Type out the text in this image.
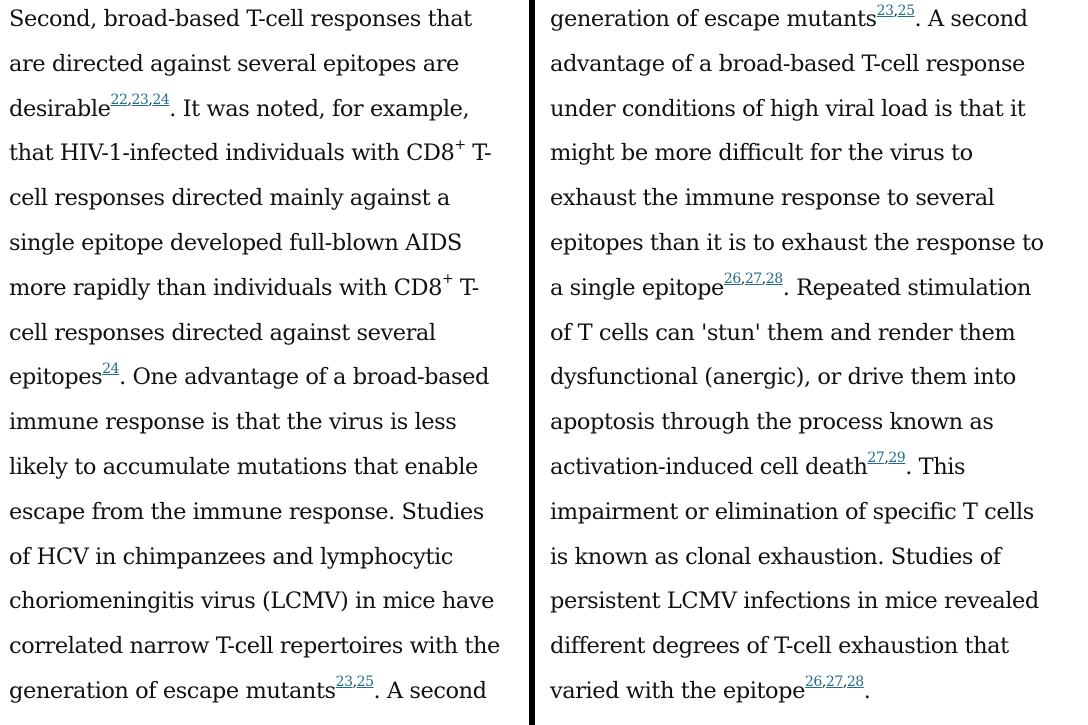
Second, broad-based T-cell responses that
are directed against several epitopes are
desirable$^{22,23,24}$. It was noted, for example,
that HIV-1-infected individuals with CD8+ T-
cell responses directed mainly against a
single epitope developed full-blown AIDS
more rapidly than individuals with CD8+ T-
cell responses directed against several
epitopes$^{24}$. One advantage of a broad-based
immune response is that the virus is less
likely to accumulate mutations that enable
escape from the immune response. Studies
of HCV in chimpanzees and lymphocytic
choriomeningitis virus (LCMV) in mice have
correlated narrow T-cell repertoires with the
generation of escape mutants$^{23,25}$. A second
generation of escape mutants$^{23,25}$. A second
advantage of a broad-based T-cell response
under conditions of high viral load is that it
might be more difficult for the virus to
exhaust the immune response to several
epitopes than it is to exhaust the response to
a single epitope$^{26,27,28}$. Repeated stimulation
of T cells can 'stun' them and render them
dysfunctional (anergic), or drive them into
apoptosis through the process known as
activation-induced cell death$^{27,29}$. This
impairment or elimination of specific T cells
is known as clonal exhaustion. Studies of
persistent LCMV infections in mice revealed
different degrees of T-cell exhaustion that
varied with the epitope$^{26,27,28}$.
